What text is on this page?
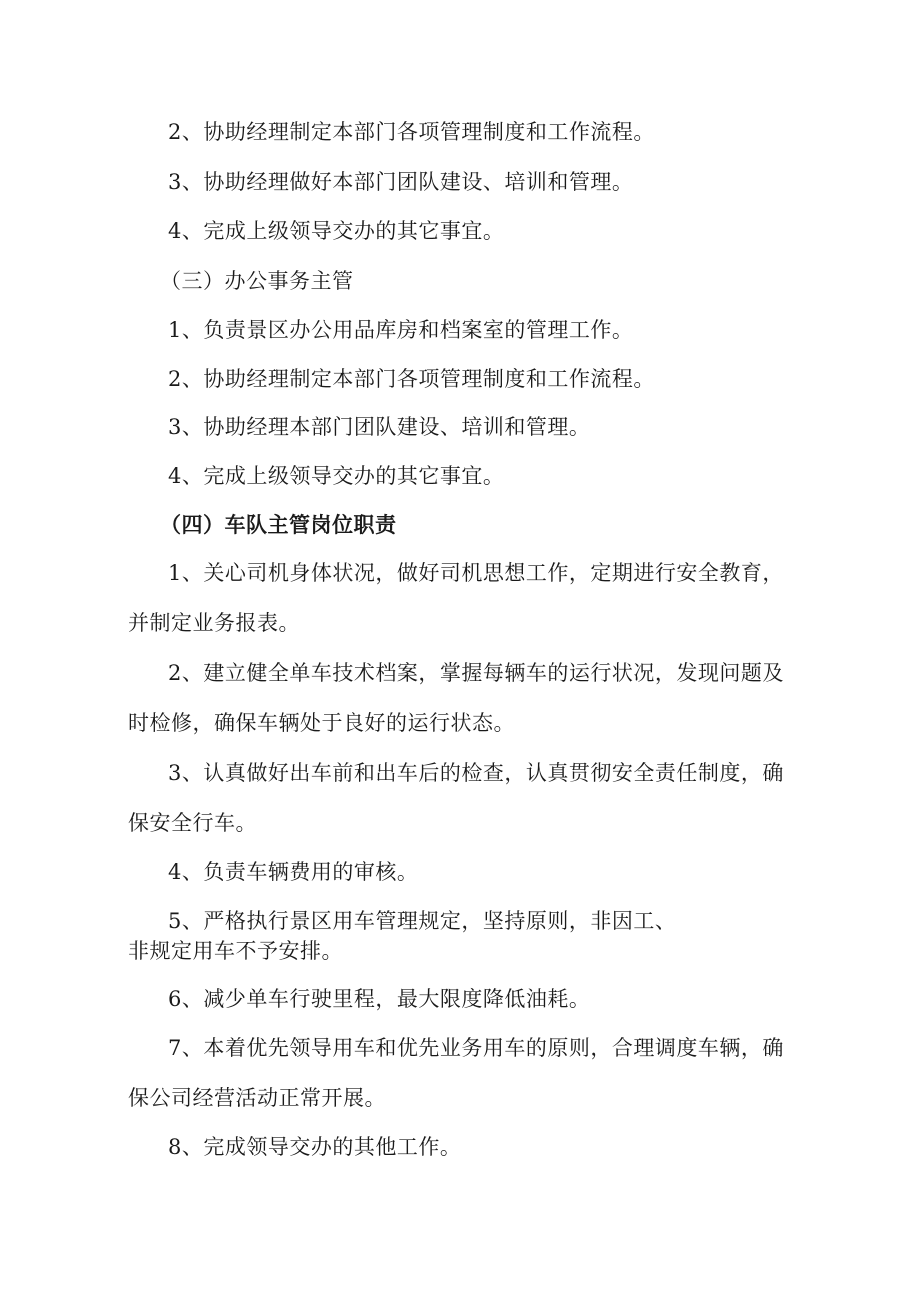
2、协助经理制定本部门各项管理制度和工作流程。
3、协助经理做好本部门团队建设、培训和管理。
4、完成上级领导交办的其它事宜。
（三）办公事务主管
1、负责景区办公用品库房和档案室的管理工作。
2、协助经理制定本部门各项管理制度和工作流程。
3、协助经理本部门团队建设、培训和管理。
4、完成上级领导交办的其它事宜。
（四）车队主管岗位职责
1、关心司机身体状况，做好司机思想工作，定期进行安全教育，
并制定业务报表。
2、建立健全单车技术档案，掌握每辆车的运行状况，发现问题及
时检修，确保车辆处于良好的运行状态。
3、认真做好出车前和出车后的检查，认真贯彻安全责任制度，确
保安全行车。
4、负责车辆费用的审核。
5、严格执行景区用车管理规定，坚持原则，非因工、
非规定用车不予安排。
6、减少单车行驶里程，最大限度降低油耗。
7、本着优先领导用车和优先业务用车的原则，合理调度车辆，确
保公司经营活动正常开展。
8、完成领导交办的其他工作。
